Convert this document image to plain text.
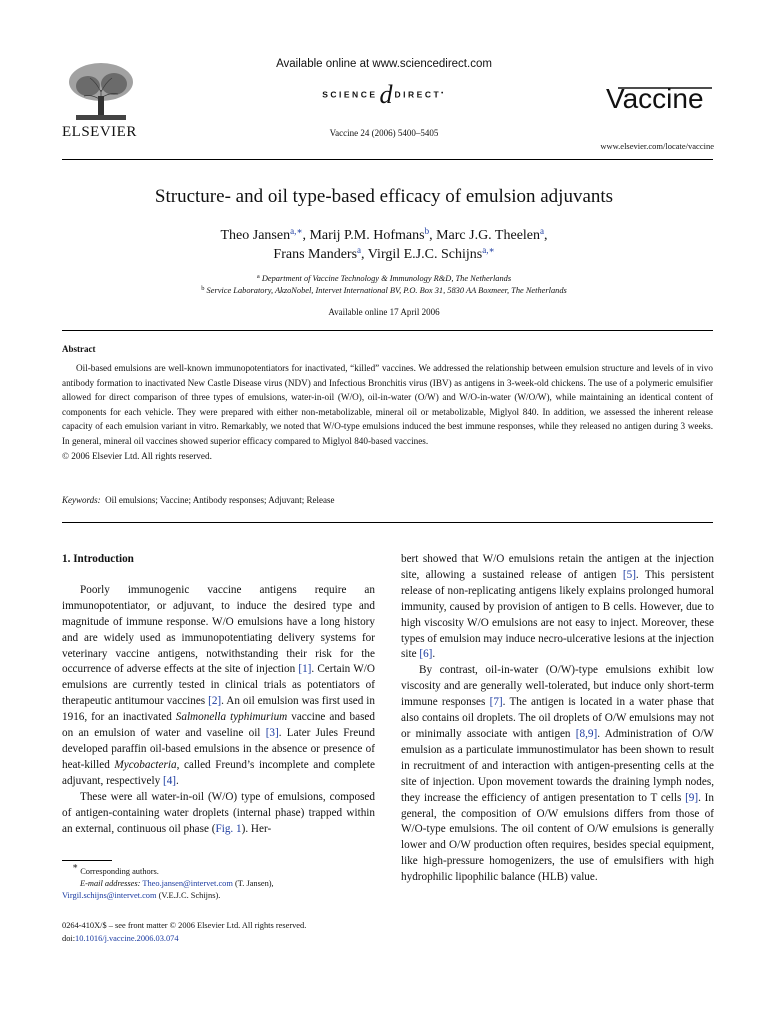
ELSEVIER
Available online at www.sciencedirect.com
SCIENCEd DIRECT•
Vaccine 24 (2006) 5400–5405
Vaccine
www.elsevier.com/locate/vaccine
Structure- and oil type-based efficacy of emulsion adjuvants
Theo Jansen$^{a,∗}$, Marij P.M. Hofmans$^b$, Marc J.G. Theelen$^a$,
Frans Manders$^a$, Virgil E.J.C. Schijns$^{a,∗}$
$^a$ Department of Vaccine Technology & Immunology R&D, The Netherlands
$^b$ Service Laboratory, AkzoNobel, Intervet International BV, P.O. Box 31, 5830 AA Boxmeer, The Netherlands
Available online 17 April 2006
Abstract

Oil-based emulsions are well-known immunopotentiators for inactivated, “killed” vaccines. We addressed the relationship between emulsion structure and levels of in vivo antibody formation to inactivated New Castle Disease virus (NDV) and Infectious Bronchitis virus (IBV) as antigens in 3-week-old chickens. The use of a polymeric emulsifier allowed for direct comparison of three types of emulsions, water-in-oil (W/O), oil-in-water (O/W) and W/O-in-water (W/O/W), while maintaining an identical content of components for each vehicle. They were prepared with either non-metabolizable, mineral oil or metabolizable, Miglyol 840. In addition, we assessed the inherent release capacity of each emulsion variant in vitro. Remarkably, we noted that W/O-type emulsions induced the best immune responses, while they released no antigen during 3 weeks. In general, mineral oil vaccines showed superior efficacy compared to Miglyol 840-based vaccines.

© 2006 Elsevier Ltd. All rights reserved.

Keywords: Oil emulsions; Vaccine; Antibody responses; Adjuvant; Release

1. Introduction

Poorly immunogenic vaccine antigens require an immunopotentiator, or adjuvant, to induce the desired type and magnitude of immune response. W/O emulsions have a long history and are widely used as immunopotentiating delivery systems for veterinary vaccine antigens, notwithstanding their risk for the occurrence of adverse effects at the site of injection [1]. Certain W/O emulsions are currently tested in clinical trials as potentiators of therapeutic antitumour vaccines [2]. An oil emulsion was first used in 1916, for an inactivated Salmonella typhimurium vaccine and based on an emulsion of water and vaseline oil [3]. Later Jules Freund developed paraffin oil-based emulsions in the absence or presence of heat-killed Mycobacteria, called Freund’s incomplete and complete adjuvant, respectively [4].

These were all water-in-oil (W/O) type of emulsions, composed of antigen-containing water droplets (internal phase) trapped within an external, continuous oil phase (Fig. 1). Her-

bert showed that W/O emulsions retain the antigen at the injection site, allowing a sustained release of antigen [5]. This persistent release of non-replicating antigens likely explains prolonged humoral immunity, caused by provision of antigen to B cells. However, due to high viscosity W/O emulsions are not easy to inject. Moreover, these types of emulsion may induce necro-ulcerative lesions at the injection site [6].

By contrast, oil-in-water (O/W)-type emulsions exhibit low viscosity and are generally well-tolerated, but induce only short-term immune responses [7]. The antigen is located in a water phase that also contains oil droplets. The oil droplets of O/W emulsions may not or minimally associate with antigen [8,9]. Administration of O/W emulsion as a particulate immunostimulator has been shown to result in recruitment of and interaction with antigen-presenting cells at the site of injection. Upon movement towards the draining lymph nodes, they increase the efficiency of antigen presentation to T cells [9]. In general, the composition of O/W emulsions differs from those of W/O-type emulsions. The oil content of O/W emulsions is generally lower and O/W production often requires, besides special equipment, like high-pressure homogenizers, the use of emulsifiers with high hydrophilic lipophilic balance (HLB) value.

∗ Corresponding authors.

E-mail addresses: Theo.jansen@intervet.com (T. Jansen),

Virgil.schijns@intervet.com (V.E.J.C. Schijns).

0264-410X/$ – see front matter © 2006 Elsevier Ltd. All rights reserved.
doi:10.1016/j.vaccine.2006.03.074
